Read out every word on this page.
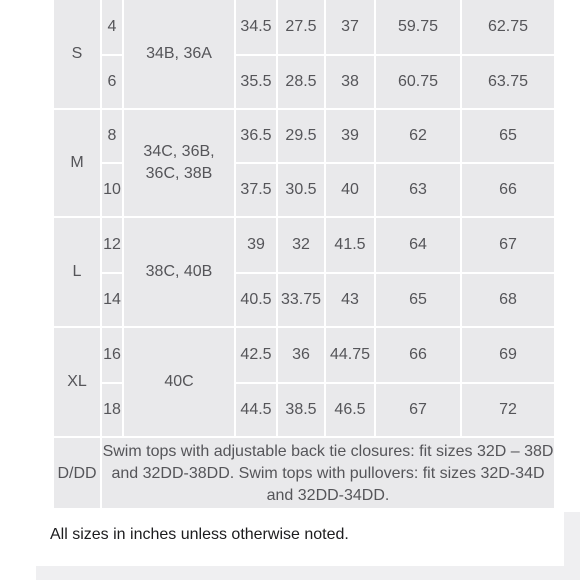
S	4	34B, 36A	34.5	27.5	37	59.75	62.75	
	6		35.5	28.5	38	60.75	63.75	
M	8	34C, 36B, 36C, 38B	36.5	29.5	39	62	65	
	10		37.5	30.5	40	63	66	
L	12	38C, 40B	39	32	41.5	64	67	
	14		40.5	33.75	43	65	68	
XL	16	40C	42.5	36	44.75	66	69	
	18		44.5	38.5	46.5	67	72	
D/DD	Swim tops with adjustable back tie closures: fit sizes 32D – 38D and 32DD-38DD. Swim tops with pullovers: fit sizes 32D-34D and 32DD-34DD.							
All sizes in inches unless otherwise noted.
